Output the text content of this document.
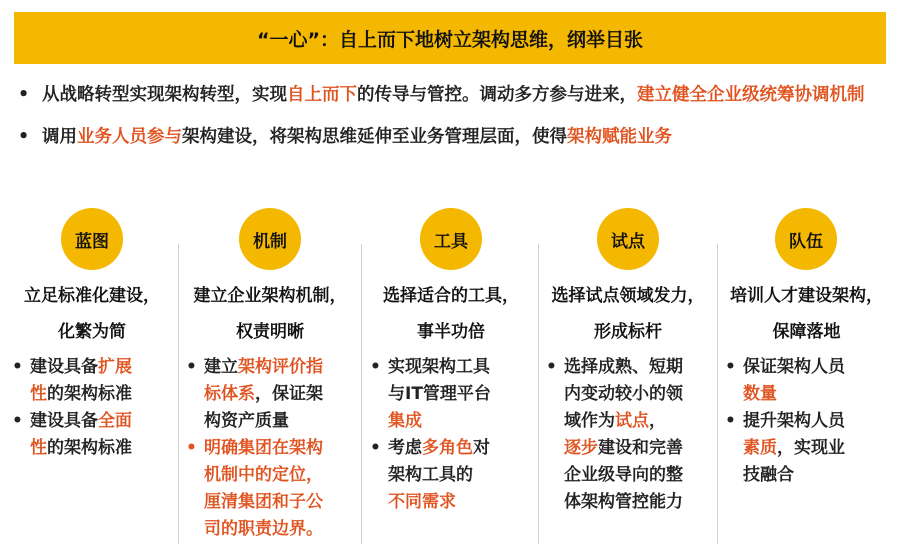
“一心”：自上而下地树立架构思维，纲举目张
• 从战略转型实现架构转型，实现自上而下的传导与管控。调动多方参与进来，建立健全企业级统筹协调机制
• 调用业务人员参与架构建设，将架构思维延伸至业务管理层面，使得架构赋能业务
蓝图
立足标准化建设，
化繁为简
• 建设具备扩展
性的架构标准
• 建设具备全面
性的架构标准
机制
建立企业架构机制，
权责明晰
• 建立架构评价指
标体系，保证架
构资产质量
• 明确集团在架构
机制中的定位，
厘清集团和子公
司的职责边界。
工具
选择适合的工具，
事半功倍
• 实现架构工具
与IT管理平台
集成
• 考虑多角色对
架构工具的
不同需求
试点
选择试点领域发力，
形成标杆
• 选择成熟、短期
内变动较小的领
域作为试点，
逐步建设和完善
企业级导向的整
体架构管控能力
队伍
培训人才建设架构，
保障落地
• 保证架构人员
数量
• 提升架构人员
素质，实现业
技融合
